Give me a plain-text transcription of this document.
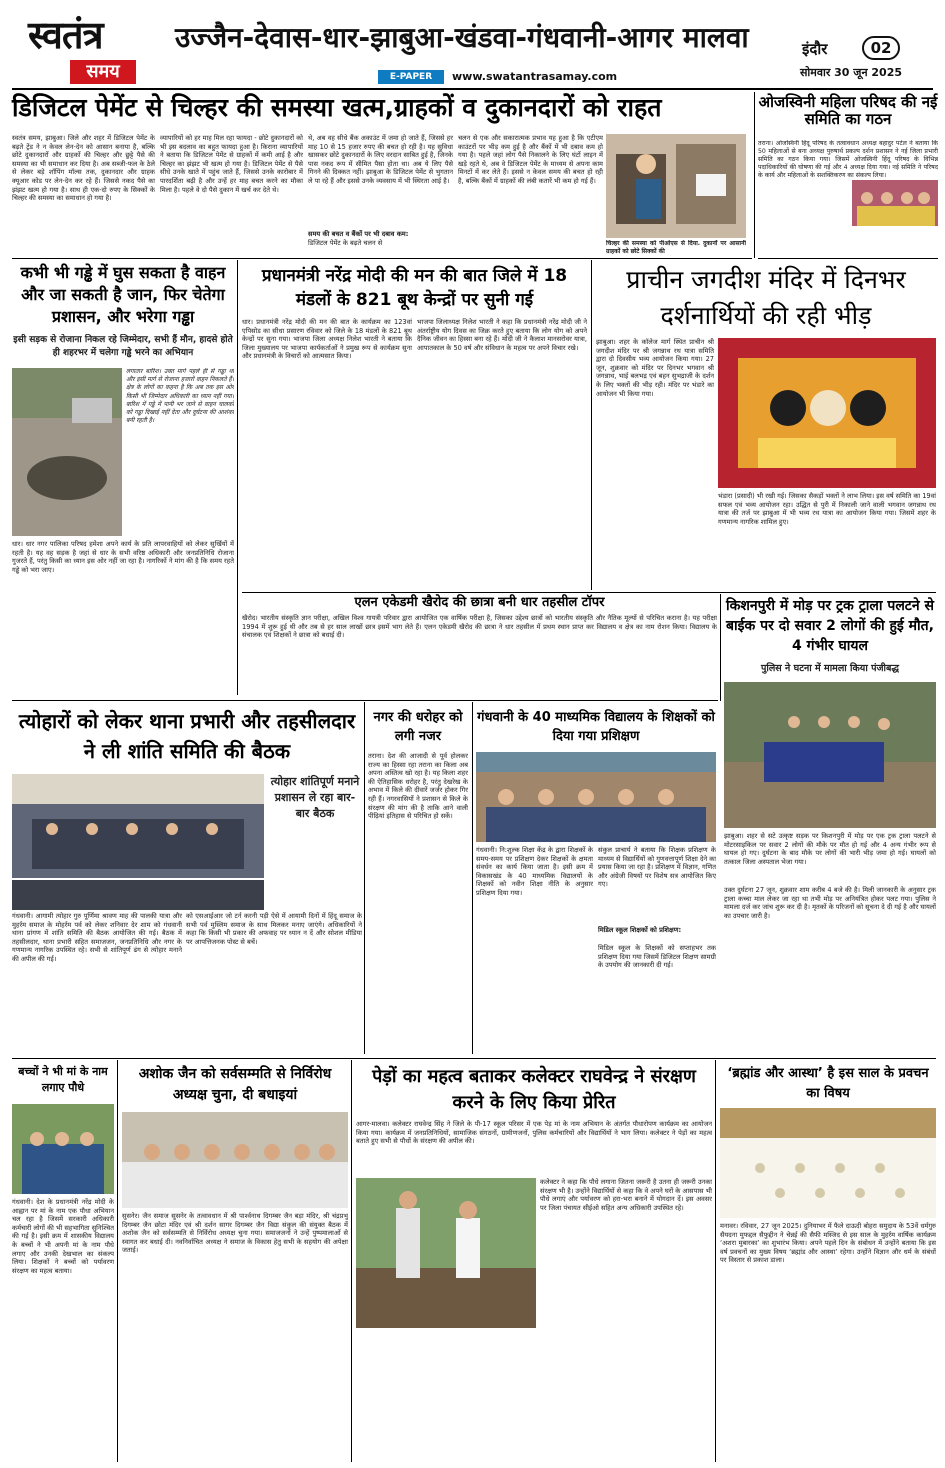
स्वतंत्र
समय
उज्जैन-देवास-धार-झाबुआ-खंडवा-गंधवानी-आगर मालवा
E-PAPER	www.swatantrasamay.com
इंदौर	02
सोमवार 30 जून 2025
डिजिटल पेमेंट से चिल्हर की समस्या खत्म,ग्राहकों व दुकानदारों को राहत
स्वतंत्र समय, झाबुआ। जिले और शहर में डिजिटल पेमेंट के बढ़ते ट्रेंड ने न केवल लेन-देन को आसान बनाया है, बल्कि छोटे दुकानदारों और ग्राहकों की चिल्हर और छुट्टे पैसे की समस्या का भी समाधान कर दिया है। अब सब्जी-फल के ठेले से लेकर बड़े शॉपिंग मॉल्स तक, दुकानदार और ग्राहक क्यूआर कोड पर लेन-देन कर रहे हैं। जिससे नकद पैसे का झंझट खत्म हो गया है। साथ ही एक-दो रुपए के सिक्कों के चिल्हर की समस्या का समाधान हो गया है।
व्यापारियों को हर माह मिल रहा फायदा - छोटे दुकानदारों को भी इस बदलाव का बहुत फायदा हुआ है। किराना व्यापारियों ने बताया कि डिजिटल पेमेंट से ग्राहकों में कमी आई है और चिल्हर का झंझट भी खत्म हो गया है। डिजिटल पेमेंट से पैसे सीधे उनके खाते में पहुंच जाते हैं, जिससे उनके कारोबार में पारदर्शिता बढ़ी है और उन्हें हर माह बचत करने का मौका मिला है। पहले वे दो पैसे दुकान में खर्च कर देते थे।
थे, अब वह सीधे बैंक अकाउंट में जमा हो जाते हैं, जिससे हर माह 10 से 15 हजार रुपए की बचत हो रही है। यह सुविधा खासकर छोटे दुकानदारों के लिए वरदान साबित हुई है, जिनके पास नकद रूप में सीमित पैसा होता था। अब ये लिए पैसे गिनने की दिक्कत नहीं। झाबुआ के डिजिटल पेमेंट से भुगतान ले पा रहे हैं और इससे उनके व्यवसाय में भी स्थिरता आई है।
समय की बचत व बैंकों पर भी दबाव कम:
डिजिटल पेमेंट के बढ़ते चलन से
चलन से एक और सकारात्मक प्रभाव यह हुआ है कि एटीएम काउंटरों पर भीड़ कम हुई है और बैंकों में भी दबाव कम हो गया है। पहले जहां लोग पैसे निकालने के लिए घंटों लाइन में खड़े रहते थे, अब वे डिजिटल पेमेंट के माध्यम से अपना काम मिनटों में कर लेते हैं। इससे न केवल समय की बचत हो रही है, बल्कि बैंकों में ग्राहकों की लंबी कतारें भी कम हो गई हैं।
चिल्हर की समस्या को पीओएस से दिया. दुकानों पर आसानी ग्राहकों को छोटे सिक्कों की
ओजस्विनी महिला परिषद की नई समिति का गठन
तराना। ओजस्विनी हिंदू परिषद के तत्वावधान अध्यक्ष बहादुर पटेल ने बताया कि 50 महिलाओं से बना अध्यक्ष पुरुषार्थ प्रकल्प दर्शन प्रशासन ने नई जिला प्रभारी समिति का गठन किया गया। जिसमें ओजस्विनी हिंदू परिषद के विभिन्न पदाधिकारियों की घोषणा की गई और 4 अध्यक्ष दिया गया। नई समिति ने परिषद के कार्य और महिलाओं के सशक्तिकरण का संकल्प लिया।
कभी भी गड्ढे में घुस सकता है वाहन और जा सकती है जान, फिर चेतेगा प्रशासन, और भरेगा गड्ढा
इसी सड़क से रोजाना निकल रहे जिम्मेदार, सभी हैं मौन, हादसे होते ही शहरभर में चलेगा गड्ढे भरने का अभियान
लगातार बारिश। उक्त मार्ग पहले ही से गड्ढा था और इसी मार्ग से रोजाना हजारों वाहन निकलते हैं। क्षेत्र के लोगों का कहना है कि अब तक इस ओर किसी भी जिम्मेदार अधिकारी का ध्यान नहीं गया। बारिश में गड्ढे में पानी भर जाने से वाहन चालकों को गड्ढा दिखाई नहीं देता और दुर्घटना की आशंका बनी रहती है।
धार। धार नगर पालिका परिषद हमेशा अपने कार्य के प्रति लापरवाहियों को लेकर सुर्खियों में रहती है। यह वह सड़क है जहां से धार के सभी वरिष्ठ अधिकारी और जनप्रतिनिधि रोजाना गुजरते हैं, परंतु किसी का ध्यान इस ओर नहीं जा रहा है। नागरिकों ने मांग की है कि समय रहते गड्ढे को भरा जाए।
प्रधानमंत्री नरेंद्र मोदी की मन की बात जिले में 18 मंडलों के 821 बूथ केन्द्रों पर सुनी गई
धार। प्रधानमंत्री नरेंद्र मोदी की मन की बात के कार्यक्रम का 123वां एपिसोड का सीधा प्रसारण रविवार को जिले के 18 मंडलों के 821 बूथ केन्द्रों पर सुना गया। भाजपा जिला अध्यक्ष निलेश भारती ने बताया कि जिला मुख्यालय पर भाजपा कार्यकर्ताओं ने प्रमुख रूप से कार्यक्रम सुना और प्रधानमंत्री के विचारों को आत्मसात किया।
भाजपा जिलाध्यक्ष निलेश भारती ने कहा कि प्रधानमंत्री नरेंद्र मोदी जी ने अंतर्राष्ट्रीय योग दिवस का जिक्र करते हुए बताया कि लोग योग को अपने दैनिक जीवन का हिस्सा बना रहे हैं। मोदी जी ने कैलाश मानसरोवर यात्रा, आपातकाल के 50 वर्ष और संविधान के महत्व पर अपने विचार रखे।
प्राचीन जगदीश मंदिर में दिनभर दर्शनार्थियों की रही भीड़
झाबुआ। शहर के कॉलेज मार्ग स्थित प्राचीन श्री जगदीश मंदिर पर श्री जगन्नाथ रथ यात्रा समिति द्वारा दो दिवसीय भव्य आयोजन किया गया। 27 जून, शुक्रवार को मंदिर पर दिनभर भगवान श्री जगन्नाथ, भाई बलभद्र एवं बहन सुभद्राजी के दर्शन के लिए भक्तों की भीड़ रही। मंदिर पर भंडारे का आयोजन भी किया गया।
भंडारा (प्रसादी) भी रखी गई। जिसका सैकड़ों भक्तों ने लाभ लिया। इस वर्ष समिति का 19वां सफल एवं भव्य आयोजन रहा। उद्धित से पुरी में निकाली जाने वाली भगवान जगन्नाथ रथ यात्रा की तर्ज पर झाबुआ में भी भव्य रथ यात्रा का आयोजन किया गया। जिसमें शहर के गणमान्य नागरिक शामिल हुए।
एलन एकेडमी खैरोद की छात्रा बनी धार तहसील टॉपर
खैरोद। भारतीय संस्कृति ज्ञान परीक्षा, अखिल विश्व गायत्री परिवार द्वारा आयोजित एक वार्षिक परीक्षा है, जिसका उद्देश्य छात्रों को भारतीय संस्कृति और नैतिक मूल्यों से परिचित कराना है। यह परीक्षा 1994 में शुरू हुई थी और तब से हर साल लाखों छात्र इसमें भाग लेते हैं। एलन एकेडमी खैरोद की छात्रा ने धार तहसील में प्रथम स्थान प्राप्त कर विद्यालय व क्षेत्र का नाम रोशन किया। विद्यालय के संचालक एवं शिक्षकों ने छात्रा को बधाई दी।
किशनपुरी में मोड़ पर ट्रक ट्राला पलटने से बाईक पर दो सवार 2 लोगों की हुई मौत, 4 गंभीर घायल
पुलिस ने घटना में मामला किया पंजीबद्ध
झाबुआ। शहर से सटे उत्कृष्ट सड़क पर किशनपुरी में मोड़ पर एक ट्रक ट्राला पलटने से मोटरसाइकिल पर सवार 2 लोगों की मौके पर मौत हो गई और 4 अन्य गंभीर रूप से घायल हो गए। दुर्घटना के बाद मौके पर लोगों की भारी भीड़ जमा हो गई। घायलों को तत्काल जिला अस्पताल भेजा गया।
उक्त दुर्घटना 27 जून, शुक्रवार शाम करीब 4 बजे की है। मिली जानकारी के अनुसार ट्रक ट्राला कच्चा माल लेकर जा रहा था तभी मोड़ पर अनियंत्रित होकर पलट गया। पुलिस ने मामला दर्ज कर जांच शुरू कर दी है। मृतकों के परिजनों को सूचना दे दी गई है और घायलों का उपचार जारी है।
त्योहारों को लेकर थाना प्रभारी और तहसीलदार ने ली शांति समिति की बैठक
त्योहार शांतिपूर्ण मनाने प्रशासन ले रहा बार-बार बैठक
गंधवानी। आगामी त्योहार गुरु पूर्णिमा श्रावण माह की पालकी यात्रा और मुहर्रम समाज के मोहर्रम पर्व को लेकर शनिवार देर शाम को गंधवानी थाना प्रांगण में शांति समिति की बैठक आयोजित की गई। बैठक में तहसीलदार, थाना प्रभारी सहित समाजजन, जनप्रतिनिधि और नगर के गणमान्य नागरिक उपस्थित रहे। सभी से शांतिपूर्ण ढंग से त्योहार मनाने की अपील की गई।
को एसआईआर जो टर्न करनी पड़ी ऐसे में आयामी दिनों में हिंदू समाज के सभी पर्व मुस्लिम समाज के साथ मिलकर मनाए जाएंगे। अधिकारियों ने कहा कि किसी भी प्रकार की अफवाह पर ध्यान न दें और सोशल मीडिया पर आपत्तिजनक पोस्ट से बचें।
नगर की धरोहर को लगी नजर
तराना। देश की आजादी से पूर्व होलकर राज्य का हिस्सा रहा तराना का किला अब अपना अस्तित्व खो रहा है। यह किला शहर की ऐतिहासिक धरोहर है, परंतु देखरेख के अभाव में किले की दीवारें जर्जर होकर गिर रही हैं। नगरवासियों ने प्रशासन से किले के संरक्षण की मांग की है ताकि आने वाली पीढ़ियां इतिहास से परिचित हो सकें।
गंधवानी के 40 माध्यमिक विद्यालय के शिक्षकों को दिया गया प्रशिक्षण
गंधवानी। नि:शुल्क शिक्षा केंद्र के द्वारा शिक्षकों के समय-समय पर प्रशिक्षण देकर शिक्षकों के क्षमता संवर्धन का कार्य किया जाता है। इसी क्रम में विकासखंड के 40 माध्यमिक विद्यालयों के शिक्षकों को नवीन शिक्षा नीति के अनुसार प्रशिक्षण दिया गया।
संकुल प्राचार्य ने बताया कि शिक्षक प्रशिक्षण के माध्यम से विद्यार्थियों को गुणवत्तापूर्ण शिक्षा देने का प्रयास किया जा रहा है। प्रशिक्षण में विज्ञान, गणित और अंग्रेजी विषयों पर विशेष सत्र आयोजित किए गए।
मिडिल स्कूल शिक्षकों को प्रशिक्षण:
मिडिल स्कूल के शिक्षकों को सप्ताहभर तक प्रशिक्षण दिया गया जिसमें डिजिटल शिक्षण सामग्री के उपयोग की जानकारी दी गई।
बच्चों ने भी मां के नाम लगाए पौधे
गंधवानी। देश के प्रधानमंत्री नरेंद्र मोदी के आह्वान पर मां के नाम एक पौधा अभियान चल रहा है जिसमें सरकारी अधिकारी कर्मचारी लोगों की भी सहभागिता सुनिश्चित की गई है। इसी क्रम में शासकीय विद्यालय के बच्चों ने भी अपनी मां के नाम पौधे लगाए और उनकी देखभाल का संकल्प लिया। शिक्षकों ने बच्चों को पर्यावरण संरक्षण का महत्व बताया।
अशोक जैन को सर्वसम्मति से निर्विरोध अध्यक्ष चुना, दी बधाइयां
सुसनेर। जैन समाज सुसनेर के तत्वावधान में श्री पार्श्वनाथ दिगम्बर जैन बड़ा मंदिर, श्री चंद्रप्रभु दिगम्बर जैन छोटा मंदिर एवं श्री दर्शन सागर दिगम्बर जैन विद्या संकुल की संयुक्त बैठक में अशोक जैन को सर्वसम्मति से निर्विरोध अध्यक्ष चुना गया। समाजजनों ने उन्हें पुष्पमालाओं से स्वागत कर बधाई दी। नवनिर्वाचित अध्यक्ष ने समाज के विकास हेतु सभी के सहयोग की अपेक्षा जताई।
पेड़ों का महत्व बताकर कलेक्टर राघवेन्द्र ने संरक्षण करने के लिए किया प्रेरित
आगर-मालवा। कलेक्टर राघवेन्द्र सिंह ने जिले के पी-17 स्कूल परिसर में एक पेड़ मां के नाम अभियान के अंतर्गत पौधारोपण कार्यक्रम का आयोजन किया गया। कार्यक्रम में जनप्रतिनिधियों, सामाजिक संगठनों, ग्रामीणजनों, पुलिस कर्मचारियों और विद्यार्थियों ने भाग लिया। कलेक्टर ने पेड़ों का महत्व बताते हुए सभी से पौधों के संरक्षण की अपील की।
कलेक्टर ने कहा कि पौधे लगाना जितना जरूरी है उतना ही जरूरी उनका संरक्षण भी है। उन्होंने विद्यार्थियों से कहा कि वे अपने घरों के आसपास भी पौधे लगाएं और पर्यावरण को हरा-भरा बनाने में योगदान दें। इस अवसर पर जिला पंचायत सीईओ सहित अन्य अधिकारी उपस्थित रहे।
‘ब्रह्मांड और आस्था’ है इस साल के प्रवचन का विषय
मनावर। रविवार, 27 जून 2025। दुनियाभर में फैले दाऊदी बोहरा समुदाय के 53वें धर्मगुरु सैयदना मुफद्दल सैफुद्दीन ने चेन्नई की सैफी मस्जिद से इस साल के मुहर्रम वार्षिक कार्यक्रम ‘अशरा मुबारका’ का शुभारंभ किया। अपने पहले दिन के संबोधन में उन्होंने बताया कि इस वर्ष प्रवचनों का मुख्य विषय ‘ब्रह्मांड और आस्था’ रहेगा। उन्होंने विज्ञान और धर्म के संबंधों पर विस्तार से प्रकाश डाला।
